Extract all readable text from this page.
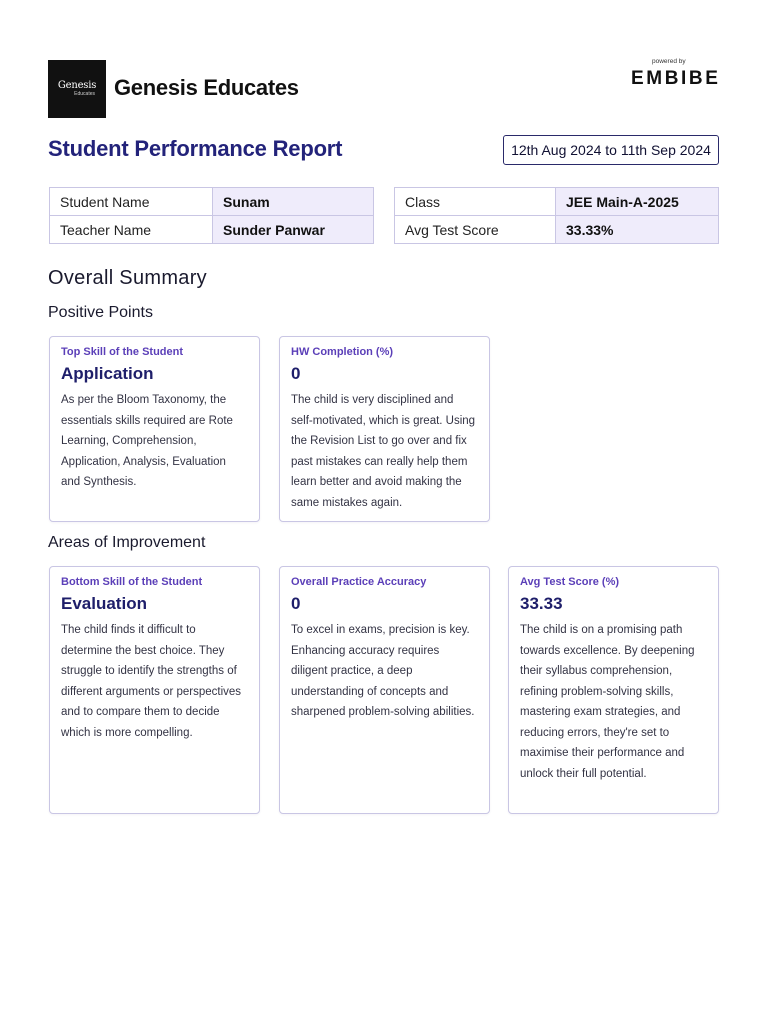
Genesis
Educates Genesis Educates
powered by
EMBIBE
Student Performance Report	12th Aug 2024 to 11th Sep 2024
Student Name	Sunam
Teacher Name	Sunder Panwar
Class	JEE Main-A-2025
Avg Test Score	33.33%
Overall Summary
Positive Points
Top Skill of the Student
Application
As per the Bloom Taxonomy, the essentials skills required are Rote Learning, Comprehension, Application, Analysis, Evaluation and Synthesis.
HW Completion (%)
0
The child is very disciplined and self-motivated, which is great. Using the Revision List to go over and fix past mistakes can really help them learn better and avoid making the same mistakes again.
Areas of Improvement
Bottom Skill of the Student
Evaluation
The child finds it difficult to determine the best choice. They struggle to identify the strengths of different arguments or perspectives and to compare them to decide which is more compelling.
Overall Practice Accuracy
0
To excel in exams, precision is key. Enhancing accuracy requires diligent practice, a deep understanding of concepts and sharpened problem-solving abilities.
Avg Test Score (%)
33.33
The child is on a promising path towards excellence. By deepening their syllabus comprehension, refining problem-solving skills, mastering exam strategies, and reducing errors, they're set to maximise their performance and unlock their full potential.
